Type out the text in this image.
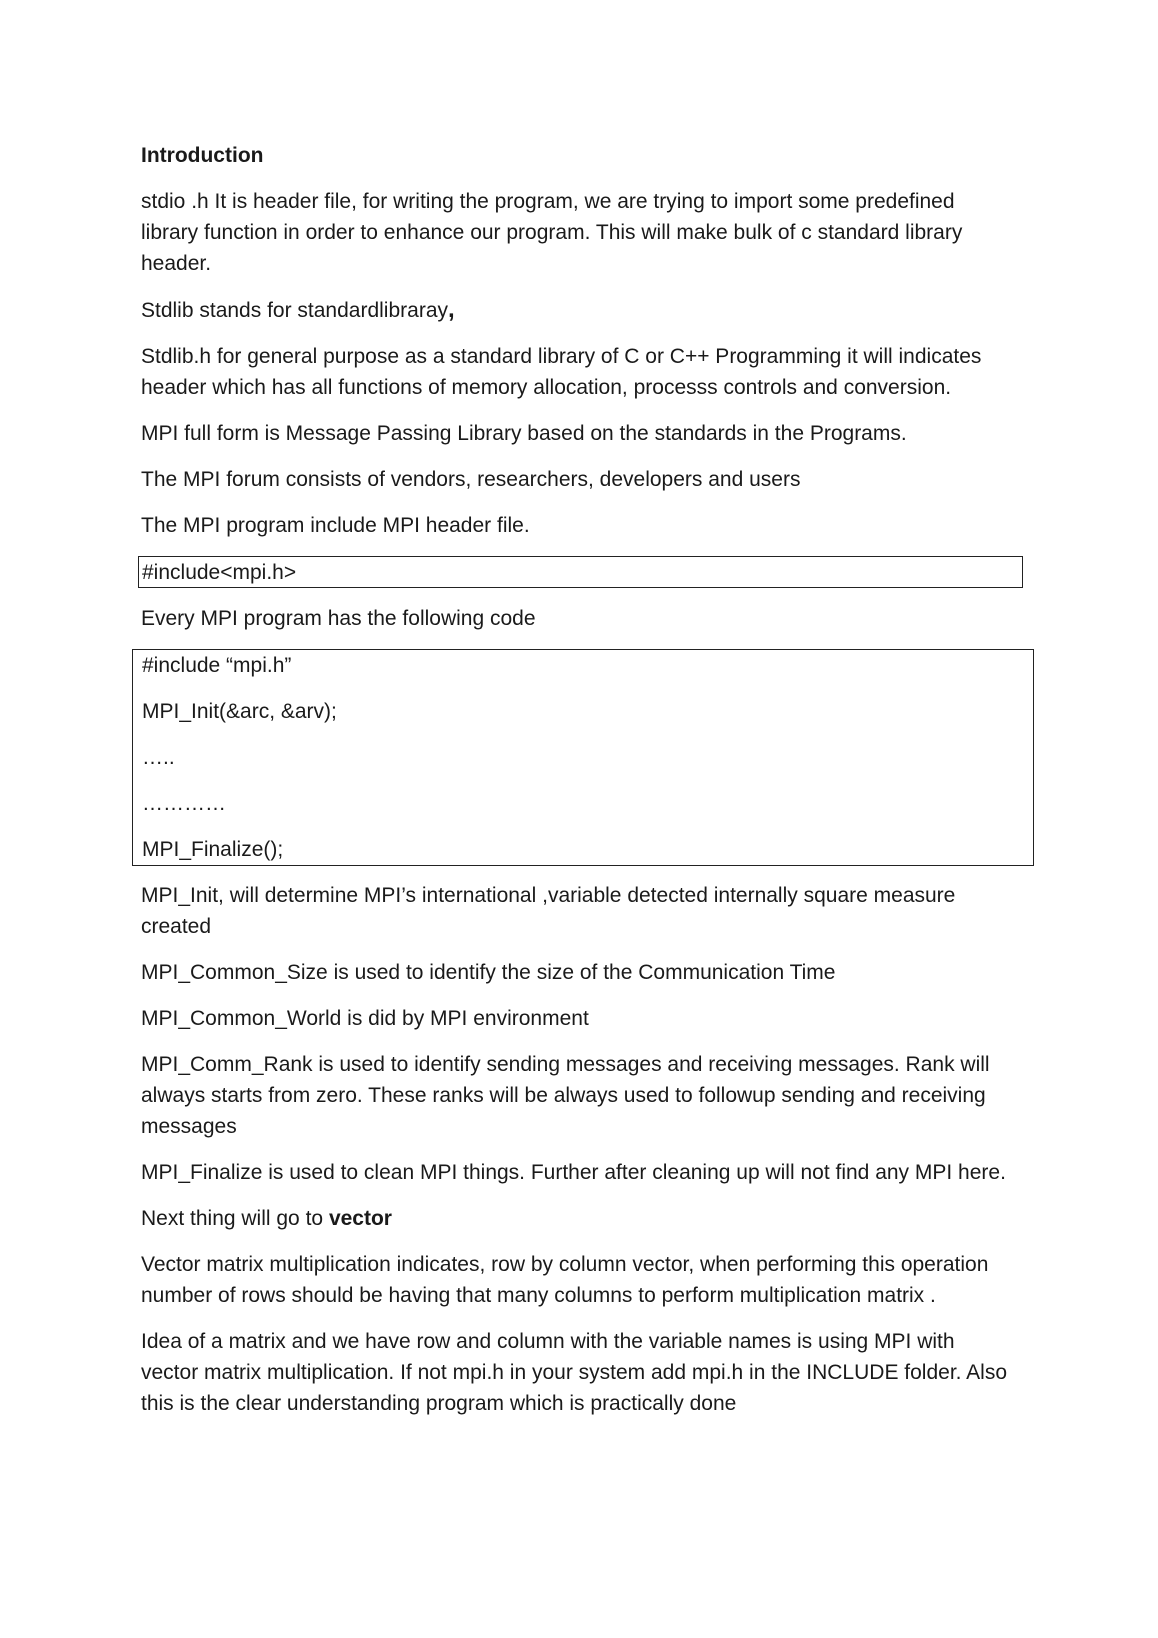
Introduction

stdio .h It is header file, for writing the program, we are trying to import some predefined library function in order to enhance our program. This will make bulk of c standard library header.

Stdlib stands for standardlibraray,

Stdlib.h for general purpose as a standard library of C or C++ Programming it will indicates header which has all functions of memory allocation, processs controls and conversion.

MPI full form is Message Passing Library based on the standards in the Programs.

The MPI forum consists of vendors, researchers, developers and users

The MPI program include MPI header file.

#include<mpi.h>

Every MPI program has the following code

#include “mpi.h”
MPI_Init(&arc, &arv);
…..
…………
MPI_Finalize();

MPI_Init, will determine MPI’s international ,variable detected internally square measure created

MPI_Common_Size is used to identify the size of the Communication Time

MPI_Common_World is did by MPI environment

MPI_Comm_Rank is used to identify sending messages and receiving messages. Rank will always starts from zero. These ranks will be always used to followup sending and receiving messages

MPI_Finalize is used to clean MPI things. Further after cleaning up will not find any MPI here.

Next thing will go to vector

Vector matrix multiplication indicates, row by column vector, when performing this operation number of rows should be having that many columns to perform multiplication matrix .

Idea of a matrix and we have row and column with the variable names is using MPI with vector matrix multiplication. If not mpi.h in your system add mpi.h in the INCLUDE folder. Also this is the clear understanding program which is practically done
